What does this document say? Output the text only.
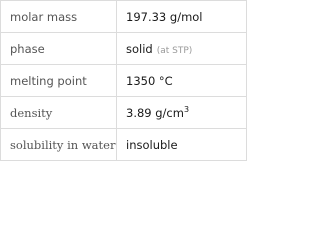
molar mass	197.33 g/mol
phase	solid (at STP)
melting point	1350 °C
density	3.89 $g/cm^3$
solubility in water	insoluble
